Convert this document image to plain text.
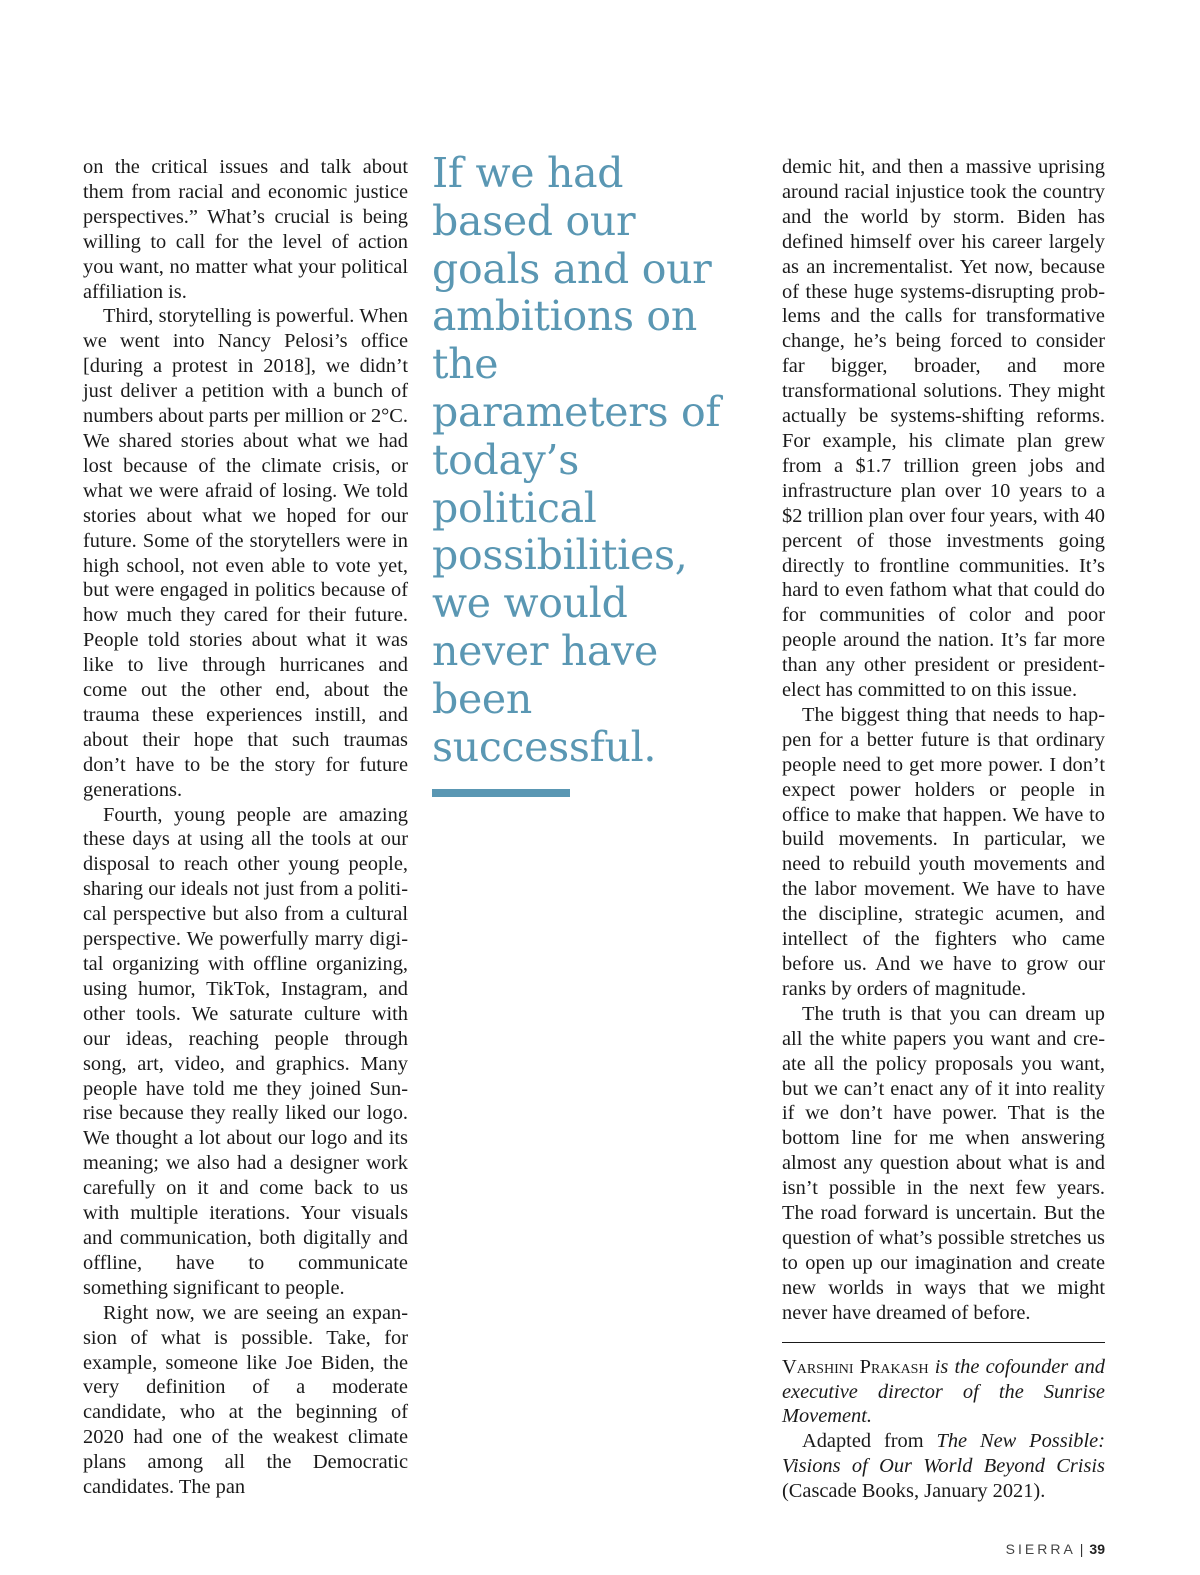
on the critical issues and talk about them from racial and economic justice perspectives.” What’s crucial is being willing to call for the level of action you want, no matter what your political affiliation is.

Third, storytelling is powerful. When we went into Nancy Pelosi’s office [during a protest in 2018], we didn’t just deliver a petition with a bunch of numbers about parts per million or 2°C. We shared stories about what we had lost because of the climate crisis, or what we were afraid of losing. We told stories about what we hoped for our future. Some of the storytellers were in high school, not even able to vote yet, but were engaged in politics because of how much they cared for their future. People told stories about what it was like to live through hurricanes and come out the other end, about the trauma these experiences instill, and about their hope that such traumas don’t have to be the story for future generations.

Fourth, young people are amazing these days at using all the tools at our disposal to reach other young people, sharing our ideals not just from a political perspective but also from a cultural perspective. We powerfully marry digital organizing with offline organizing, using humor, TikTok, Instagram, and other tools. We saturate culture with our ideas, reaching people through song, art, video, and graphics. Many people have told me they joined Sunrise because they really liked our logo. We thought a lot about our logo and its meaning; we also had a designer work carefully on it and come back to us with multiple iterations. Your visuals and communication, both digitally and offline, have to communicate something significant to people.

Right now, we are seeing an expansion of what is possible. Take, for example, someone like Joe Biden, the very definition of a moderate candidate, who at the beginning of 2020 had one of the weakest climate plans among all the Democratic candidates. The pan

If we had based our goals and our ambitions on the parameters of today’s political possibilities, we would never have been successful.

demic hit, and then a massive uprising around racial injustice took the country and the world by storm. Biden has defined himself over his career largely as an incrementalist. Yet now, because of these huge systems-disrupting problems and the calls for transformative change, he’s being forced to consider far bigger, broader, and more transformational solutions. They might actually be systems-shifting reforms. For example, his climate plan grew from a $1.7 trillion green jobs and infrastructure plan over 10 years to a $2 trillion plan over four years, with 40 percent of those investments going directly to frontline communities. It’s hard to even fathom what that could do for communities of color and poor people around the nation. It’s far more than any other president or president-elect has committed to on this issue.

The biggest thing that needs to happen for a better future is that ordinary people need to get more power. I don’t expect power holders or people in office to make that happen. We have to build movements. In particular, we need to rebuild youth movements and the labor movement. We have to have the discipline, strategic acumen, and intellect of the fighters who came before us. And we have to grow our ranks by orders of magnitude.

The truth is that you can dream up all the white papers you want and create all the policy proposals you want, but we can’t enact any of it into reality if we don’t have power. That is the bottom line for me when answering almost any question about what is and isn’t possible in the next few years. The road forward is uncertain. But the question of what’s possible stretches us to open up our imagination and create new worlds in ways that we might never have dreamed of before.

Varshini Prakash is the cofounder and executive director of the Sunrise Movement.

Adapted from The New Possible: Visions of Our World Beyond Crisis (Cascade Books, January 2021).

SIERRA | 39
